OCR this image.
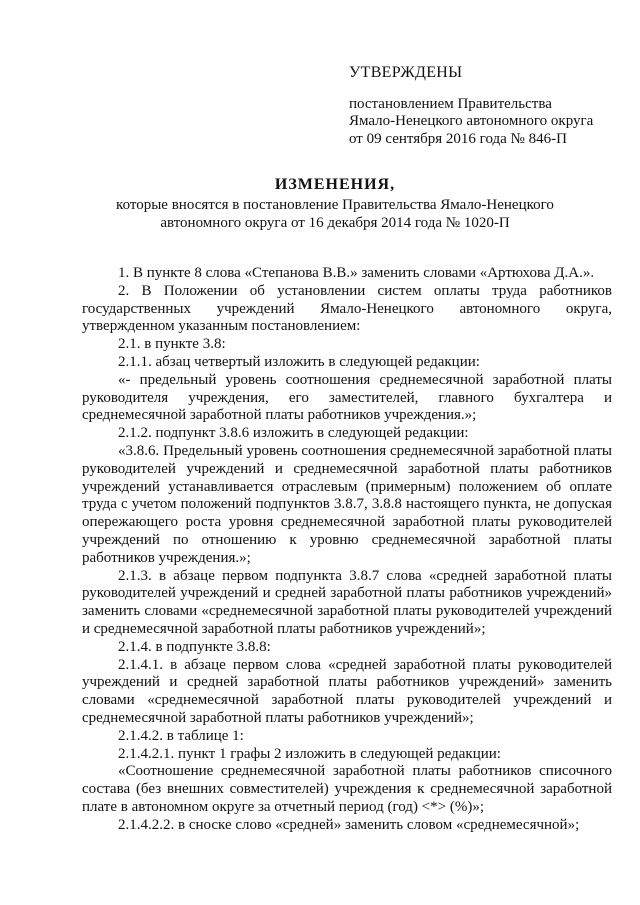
УТВЕРЖДЕНЫ
постановлением Правительства
Ямало-Ненецкого автономного округа
от 09 сентября 2016 года № 846-П
ИЗМЕНЕНИЯ,
которые вносятся в постановление Правительства Ямало-Ненецкого
автономного округа от 16 декабря 2014 года № 1020-П

1. В пункте 8 слова «Степанова В.В.» заменить словами «Артюхова Д.А.».

2. В Положении об установлении систем оплаты труда работников государственных учреждений Ямало-Ненецкого автономного округа, утвержденном указанным постановлением:

2.1. в пункте 3.8:

2.1.1. абзац четвертый изложить в следующей редакции:

«- предельный уровень соотношения среднемесячной заработной платы руководителя учреждения, его заместителей, главного бухгалтера и среднемесячной заработной платы работников учреждения.»;

2.1.2. подпункт 3.8.6 изложить в следующей редакции:

«3.8.6. Предельный уровень соотношения среднемесячной заработной платы руководителей учреждений и среднемесячной заработной платы работников учреждений устанавливается отраслевым (примерным) положением об оплате труда с учетом положений подпунктов 3.8.7, 3.8.8 настоящего пункта, не допуская опережающего роста уровня среднемесячной заработной платы руководителей учреждений по отношению к уровню среднемесячной заработной платы работников учреждения.»;

2.1.3. в абзаце первом подпункта 3.8.7 слова «средней заработной платы руководителей учреждений и средней заработной платы работников учреждений» заменить словами «среднемесячной заработной платы руководителей учреждений и среднемесячной заработной платы работников учреждений»;

2.1.4. в подпункте 3.8.8:

2.1.4.1. в абзаце первом слова «средней заработной платы руководителей учреждений и средней заработной платы работников учреждений» заменить словами «среднемесячной заработной платы руководителей учреждений и среднемесячной заработной платы работников учреждений»;

2.1.4.2. в таблице 1:

2.1.4.2.1. пункт 1 графы 2 изложить в следующей редакции:

«Соотношение среднемесячной заработной платы работников списочного состава (без внешних совместителей) учреждения к среднемесячной заработной плате в автономном округе за отчетный период (год) <*> (%)»;

2.1.4.2.2. в сноске слово «средней» заменить словом «среднемесячной»;
